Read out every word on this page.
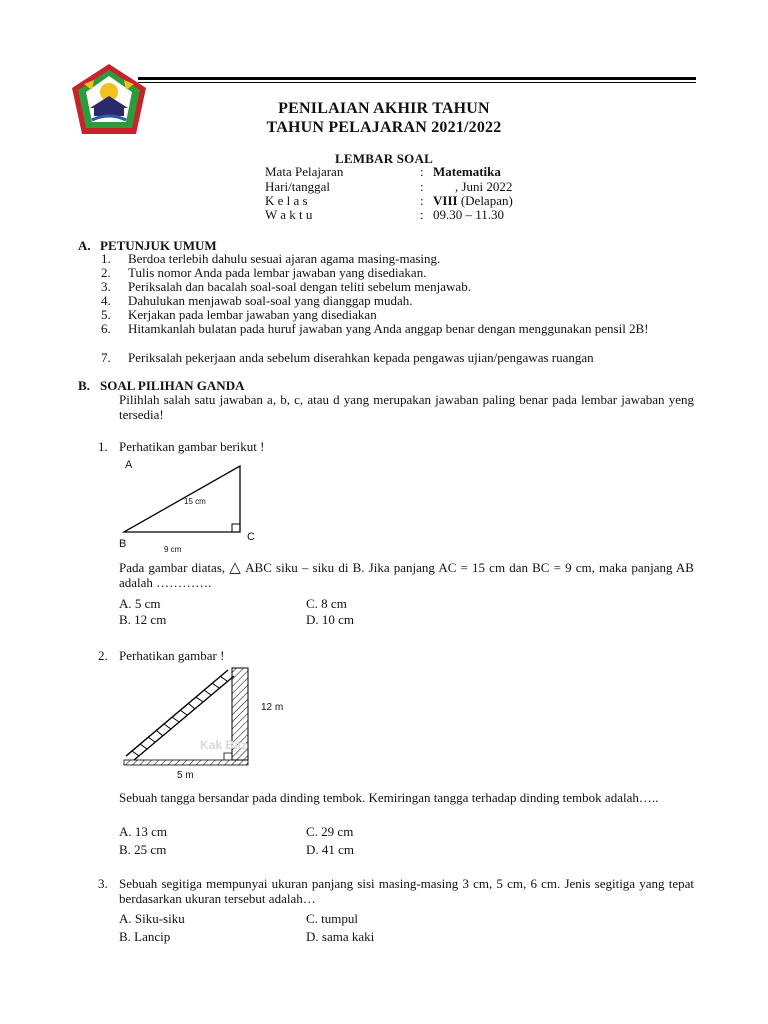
PENILAIAN AKHIR TAHUN
TAHUN PELAJARAN 2021/2022
LEMBAR SOAL
Mata Pelajaran	: Matematika
Hari/tanggal	: , Juni 2022
K e l a s	: VIII (Delapan)
W a k t u	: 09.30 – 11.30
A. PETUNJUK UMUM
1. Berdoa terlebih dahulu sesuai ajaran agama masing-masing.
2. Tulis nomor Anda pada lembar jawaban yang disediakan.
3. Periksalah dan bacalah soal-soal dengan teliti sebelum menjawab.
4. Dahulukan menjawab soal-soal yang dianggap mudah.
5. Kerjakan pada lembar jawaban yang disediakan
6. Hitamkanlah bulatan pada huruf jawaban yang Anda anggap benar dengan menggunakan pensil 2B!
7. Periksalah pekerjaan anda sebelum diserahkan kepada pengawas ujian/pengawas ruangan
B. SOAL PILIHAN GANDA
Pilihlah salah satu jawaban a, b, c, atau d yang merupakan jawaban paling benar pada lembar jawaban yeng tersedia!
1. Perhatikan gambar berikut !
A
B
C
15 cm
9 cm
Pada gambar diatas, △ ABC siku – siku di B. Jika panjang AC = 15 cm dan BC = 9 cm, maka panjang AB adalah ………….
A. 5 cm	C. 8 cm
B. 12 cm	D. 10 cm
2. Perhatikan gambar !
Kak Baz
12 m
5 m
Sebuah tangga bersandar pada dinding tembok. Kemiringan tangga terhadap dinding tembok adalah…..
A. 13 cm	C. 29 cm
B. 25 cm	D. 41 cm
3. Sebuah segitiga mempunyai ukuran panjang sisi masing-masing 3 cm, 5 cm, 6 cm. Jenis segitiga yang tepat berdasarkan ukuran tersebut adalah…
A. Siku-siku	C. tumpul
B. Lancip	D. sama kaki
